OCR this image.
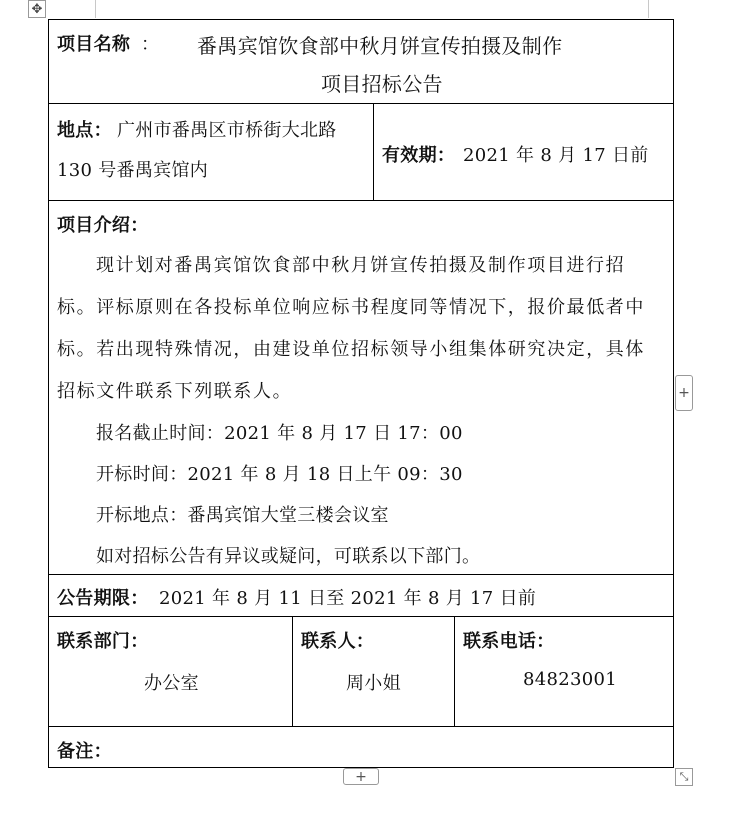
✥
项目名称 ： 番禺宾馆饮食部中秋月饼宣传拍摄及制作
项目招标公告
地点： 广州市番禺区市桥街大北路
130 号番禺宾馆内
有效期： 2021 年 8 月 17 日前
项目介绍：
现计划对番禺宾馆饮食部中秋月饼宣传拍摄及制作项目进行招
标。评标原则在各投标单位响应标书程度同等情况下，报价最低者中
标。若出现特殊情况，由建设单位招标领导小组集体研究决定，具体
招标文件联系下列联系人。
报名截止时间：2021 年 8 月 17 日 17：00
开标时间：2021 年 8 月 18 日上午 09：30
开标地点：番禺宾馆大堂三楼会议室
如对招标公告有异议或疑问，可联系以下部门。
公告期限： 2021 年 8 月 11 日至 2021 年 8 月 17 日前
联系部门：
办公室
联系人：
周小姐
联系电话：
84823001
备注：
+
+	⤡
